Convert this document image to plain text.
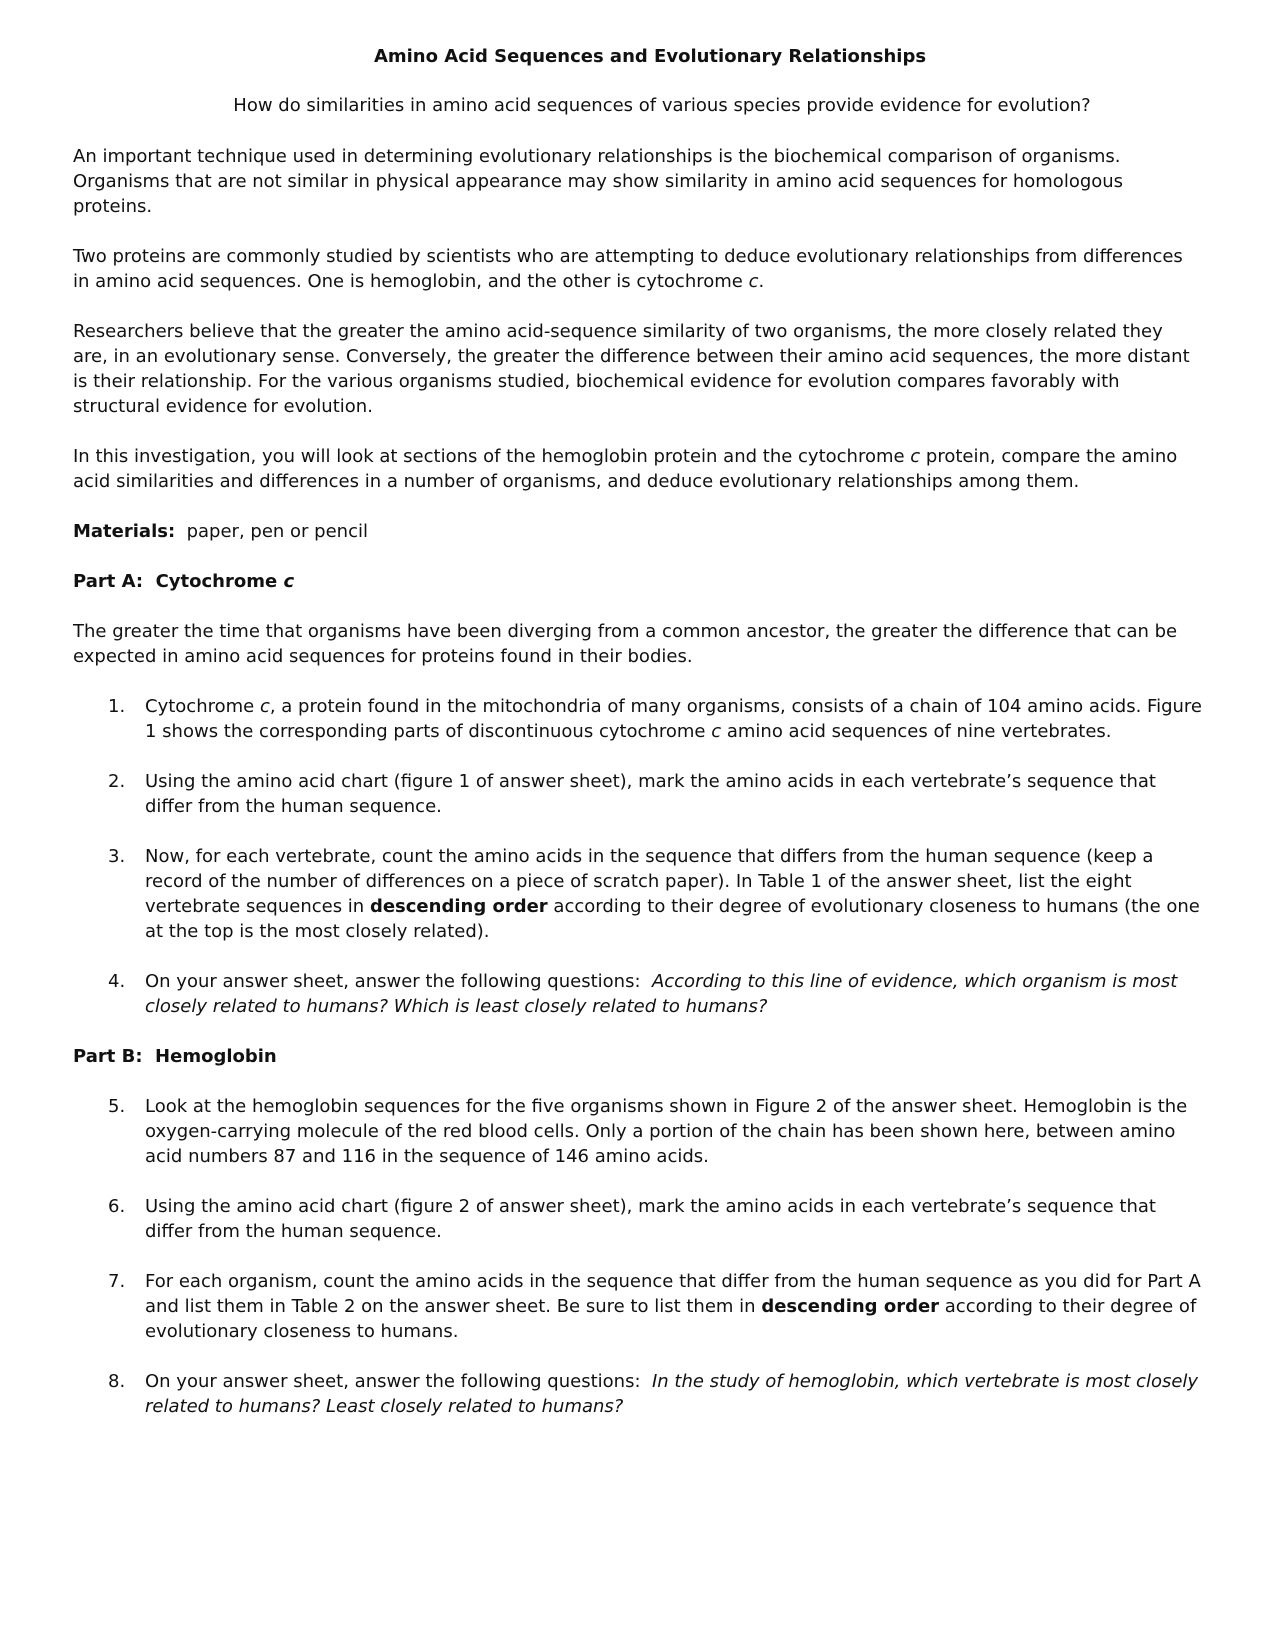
Amino Acid Sequences and Evolutionary Relationships
How do similarities in amino acid sequences of various species provide evidence for evolution?

An important technique used in determining evolutionary relationships is the biochemical comparison of organisms. Organisms that are not similar in physical appearance may show similarity in amino acid sequences for homologous proteins.

Two proteins are commonly studied by scientists who are attempting to deduce evolutionary relationships from differences in amino acid sequences. One is hemoglobin, and the other is cytochrome c.

Researchers believe that the greater the amino acid-sequence similarity of two organisms, the more closely related they are, in an evolutionary sense. Conversely, the greater the difference between their amino acid sequences, the more distant is their relationship. For the various organisms studied, biochemical evidence for evolution compares favorably with structural evidence for evolution.

In this investigation, you will look at sections of the hemoglobin protein and the cytochrome c protein, compare the amino acid similarities and differences in a number of organisms, and deduce evolutionary relationships among them.

Materials:  paper, pen or pencil

Part A:  Cytochrome c

The greater the time that organisms have been diverging from a common ancestor, the greater the difference that can be expected in amino acid sequences for proteins found in their bodies.

1. Cytochrome c, a protein found in the mitochondria of many organisms, consists of a chain of 104 amino acids. Figure 1 shows the corresponding parts of discontinuous cytochrome c amino acid sequences of nine vertebrates.
2. Using the amino acid chart (figure 1 of answer sheet), mark the amino acids in each vertebrate’s sequence that differ from the human sequence.
3. Now, for each vertebrate, count the amino acids in the sequence that differs from the human sequence (keep a record of the number of differences on a piece of scratch paper). In Table 1 of the answer sheet, list the eight vertebrate sequences in descending order according to their degree of evolutionary closeness to humans (the one at the top is the most closely related).
4. On your answer sheet, answer the following questions:  According to this line of evidence, which organism is most closely related to humans? Which is least closely related to humans?
Part B:  Hemoglobin
5. Look at the hemoglobin sequences for the five organisms shown in Figure 2 of the answer sheet. Hemoglobin is the oxygen-carrying molecule of the red blood cells. Only a portion of the chain has been shown here, between amino acid numbers 87 and 116 in the sequence of 146 amino acids.
6. Using the amino acid chart (figure 2 of answer sheet), mark the amino acids in each vertebrate’s sequence that differ from the human sequence.
7. For each organism, count the amino acids in the sequence that differ from the human sequence as you did for Part A and list them in Table 2 on the answer sheet. Be sure to list them in descending order according to their degree of evolutionary closeness to humans.
8. On your answer sheet, answer the following questions:  In the study of hemoglobin, which vertebrate is most closely related to humans? Least closely related to humans?
